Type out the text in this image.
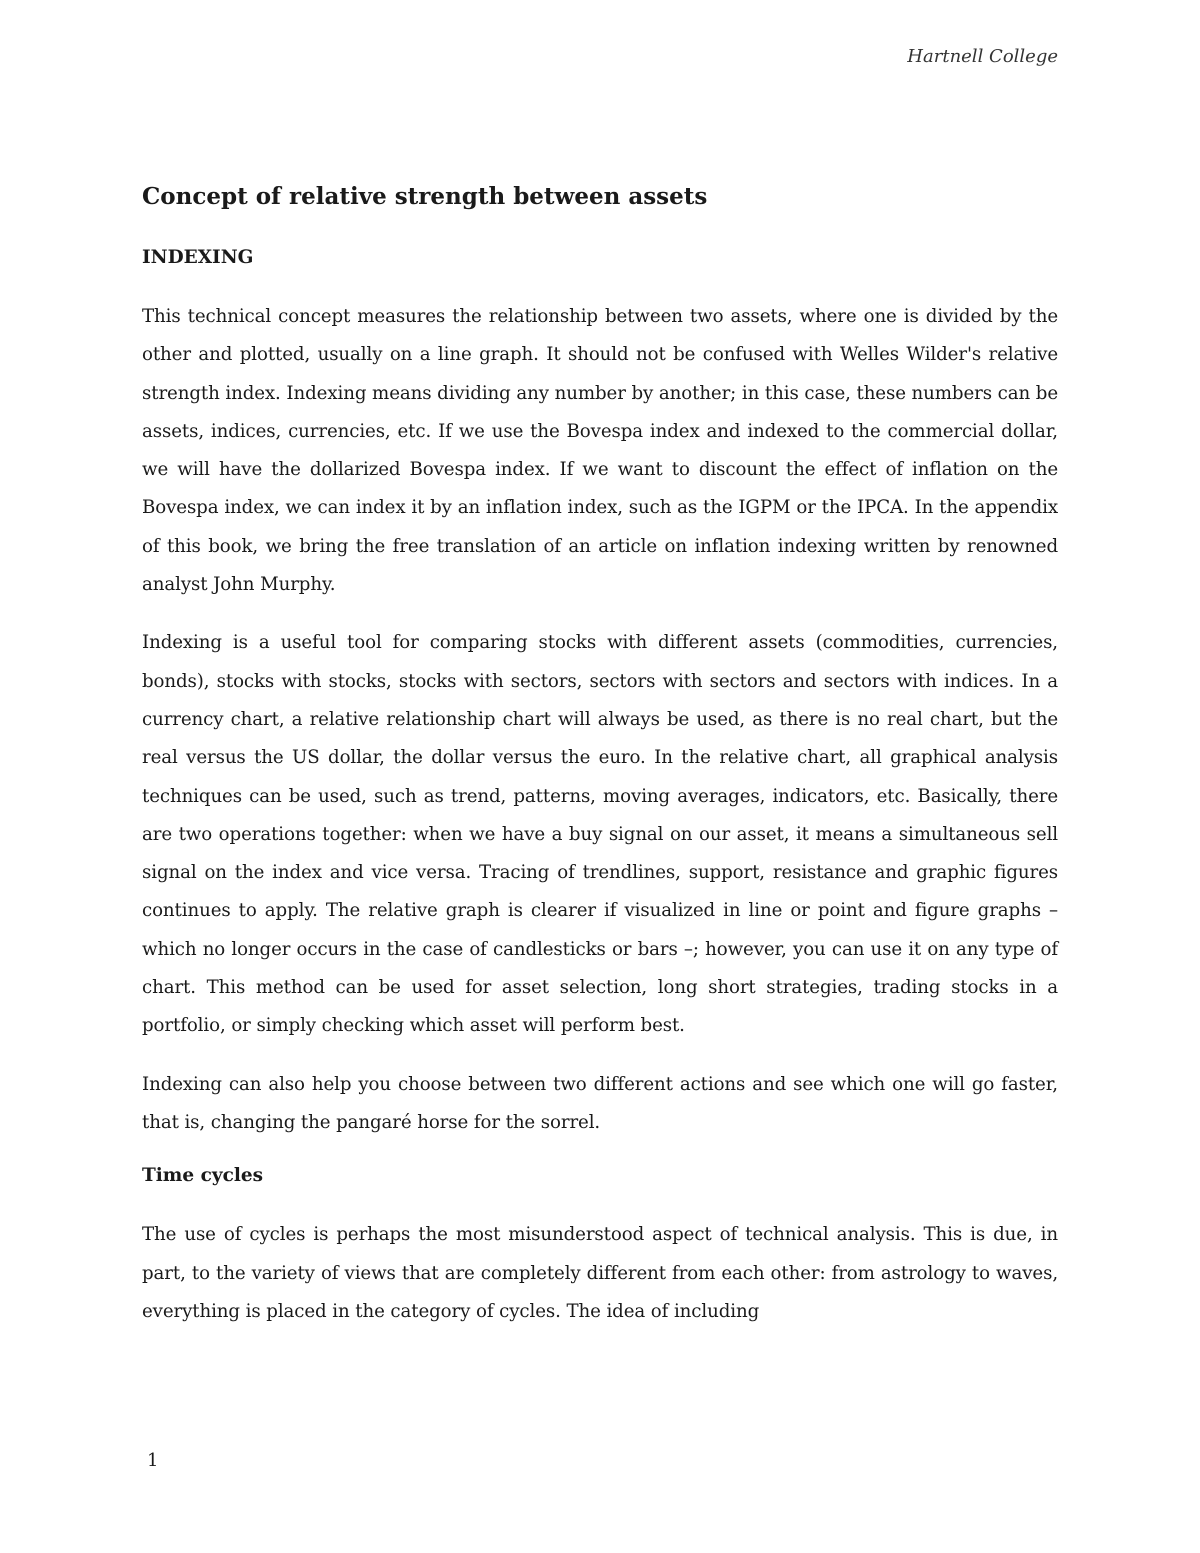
Hartnell College
Concept of relative strength between assets
INDEXING

This technical concept measures the relationship between two assets, where one is divided by the other and plotted, usually on a line graph. It should not be confused with Welles Wilder's relative strength index. Indexing means dividing any number by another; in this case, these numbers can be assets, indices, currencies, etc. If we use the Bovespa index and indexed to the commercial dollar, we will have the dollarized Bovespa index. If we want to discount the effect of inflation on the Bovespa index, we can index it by an inflation index, such as the IGPM or the IPCA. In the appendix of this book, we bring the free translation of an article on inflation indexing written by renowned analyst John Murphy.

Indexing is a useful tool for comparing stocks with different assets (commodities, currencies, bonds), stocks with stocks, stocks with sectors, sectors with sectors and sectors with indices. In a currency chart, a relative relationship chart will always be used, as there is no real chart, but the real versus the US dollar, the dollar versus the euro. In the relative chart, all graphical analysis techniques can be used, such as trend, patterns, moving averages, indicators, etc. Basically, there are two operations together: when we have a buy signal on our asset, it means a simultaneous sell signal on the index and vice versa. Tracing of trendlines, support, resistance and graphic figures continues to apply. The relative graph is clearer if visualized in line or point and figure graphs – which no longer occurs in the case of candlesticks or bars –; however, you can use it on any type of chart. This method can be used for asset selection, long short strategies, trading stocks in a portfolio, or simply checking which asset will perform best.

Indexing can also help you choose between two different actions and see which one will go faster, that is, changing the pangaré horse for the sorrel.

Time cycles

The use of cycles is perhaps the most misunderstood aspect of technical analysis. This is due, in part, to the variety of views that are completely different from each other: from astrology to waves, everything is placed in the category of cycles. The idea of including

1
